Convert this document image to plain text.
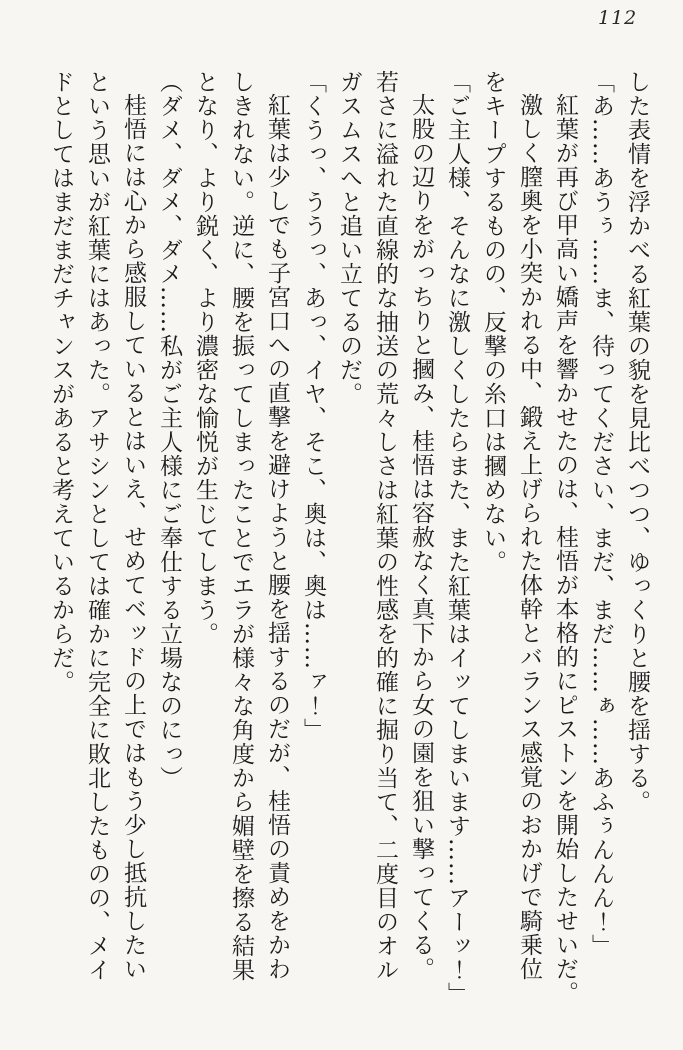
112

した表情を浮かべる紅葉の貌を見比べつつ、ゆっくりと腰を揺する。

「あ……あうぅ……ま、待ってください、まだ、まだ……ぁ……あふぅんんん！」

紅葉が再び甲高い嬌声を響かせたのは、桂悟が本格的にピストンを開始したせいだ。

激しく膣奥を小突かれる中、鍛え上げられた体幹とバランス感覚のおかげで騎乗位

をキープするものの、反撃の糸口は摑めない。

「ご主人様、そんなに激しくしたらまた、また紅葉はイッてしまいます……アーッ！」

太股の辺りをがっちりと摑み、桂悟は容赦なく真下から女の園を狙い撃ってくる。

若さに溢れた直線的な抽送の荒々しさは紅葉の性感を的確に掘り当て、二度目のオル

ガスムスへと追い立てるのだ。

「くうっ、ううっ、あっ、イヤ、そこ、奥は、奥は……ァ！」

紅葉は少しでも子宮口への直撃を避けようと腰を揺するのだが、桂悟の責めをかわ

しきれない。逆に、腰を振ってしまったことでエラが様々な角度から媚壁を擦る結果

となり、より鋭く、より濃密な愉悦が生じてしまう。

（ダメ、ダメ、ダメ……私がご主人様にご奉仕する立場なのにっ）

桂悟には心から感服しているとはいえ、せめてベッドの上ではもう少し抵抗したい

という思いが紅葉にはあった。アサシンとしては確かに完全に敗北したものの、メイ

ドとしてはまだまだチャンスがあると考えているからだ。
